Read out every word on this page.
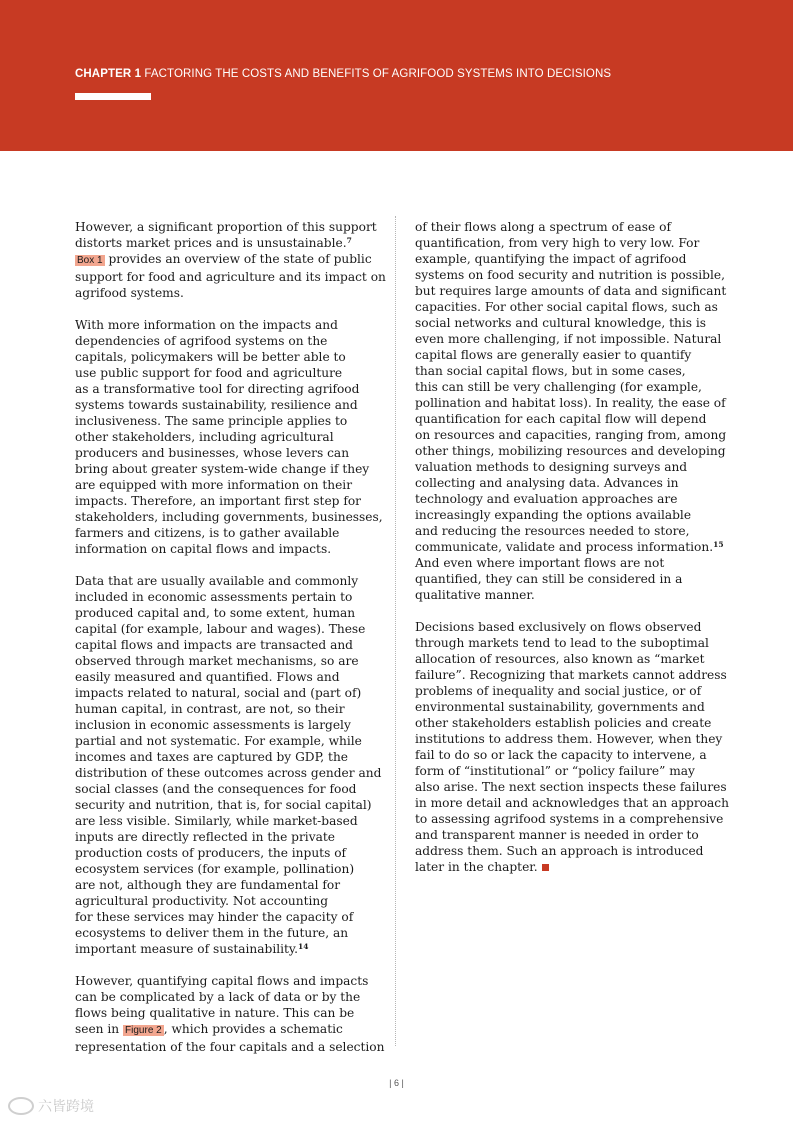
CHAPTER 1 FACTORING THE COSTS AND BENEFITS OF AGRIFOOD SYSTEMS INTO DECISIONS

However, a significant proportion of this support
distorts market prices and is unsustainable.$^7$
Box 1 provides an overview of the state of public
support for food and agriculture and its impact on
agrifood systems.

With more information on the impacts and
dependencies of agrifood systems on the
capitals, policymakers will be better able to
use public support for food and agriculture
as a transformative tool for directing agrifood
systems towards sustainability, resilience and
inclusiveness. The same principle applies to
other stakeholders, including agricultural
producers and businesses, whose levers can
bring about greater system-wide change if they
are equipped with more information on their
impacts. Therefore, an important first step for
stakeholders, including governments, businesses,
farmers and citizens, is to gather available
information on capital flows and impacts.

Data that are usually available and commonly
included in economic assessments pertain to
produced capital and, to some extent, human
capital (for example, labour and wages). These
capital flows and impacts are transacted and
observed through market mechanisms, so are
easily measured and quantified. Flows and
impacts related to natural, social and (part of)
human capital, in contrast, are not, so their
inclusion in economic assessments is largely
partial and not systematic. For example, while
incomes and taxes are captured by GDP, the
distribution of these outcomes across gender and
social classes (and the consequences for food
security and nutrition, that is, for social capital)
are less visible. Similarly, while market-based
inputs are directly reflected in the private
production costs of producers, the inputs of
ecosystem services (for example, pollination)
are not, although they are fundamental for
agricultural productivity. Not accounting
for these services may hinder the capacity of
ecosystems to deliver them in the future, an
important measure of sustainability.$^{14}$

However, quantifying capital flows and impacts
can be complicated by a lack of data or by the
flows being qualitative in nature. This can be
seen in Figure 2 , which provides a schematic
representation of the four capitals and a selection

of their flows along a spectrum of ease of
quantification, from very high to very low. For
example, quantifying the impact of agrifood
systems on food security and nutrition is possible,
but requires large amounts of data and significant
capacities. For other social capital flows, such as
social networks and cultural knowledge, this is
even more challenging, if not impossible. Natural
capital flows are generally easier to quantify
than social capital flows, but in some cases,
this can still be very challenging (for example,
pollination and habitat loss). In reality, the ease of
quantification for each capital flow will depend
on resources and capacities, ranging from, among
other things, mobilizing resources and developing
valuation methods to designing surveys and
collecting and analysing data. Advances in
technology and evaluation approaches are
increasingly expanding the options available
and reducing the resources needed to store,
communicate, validate and process information.$^{15}$
And even where important flows are not
quantified, they can still be considered in a
qualitative manner.

Decisions based exclusively on flows observed
through markets tend to lead to the suboptimal
allocation of resources, also known as “market
failure”. Recognizing that markets cannot address
problems of inequality and social justice, or of
environmental sustainability, governments and
other stakeholders establish policies and create
institutions to address them. However, when they
fail to do so or lack the capacity to intervene, a
form of “institutional” or “policy failure” may
also arise. The next section inspects these failures
in more detail and acknowledges that an approach
to assessing agrifood systems in a comprehensive
and transparent manner is needed in order to
address them. Such an approach is introduced
later in the chapter.

| 6 |
六皆跨境
